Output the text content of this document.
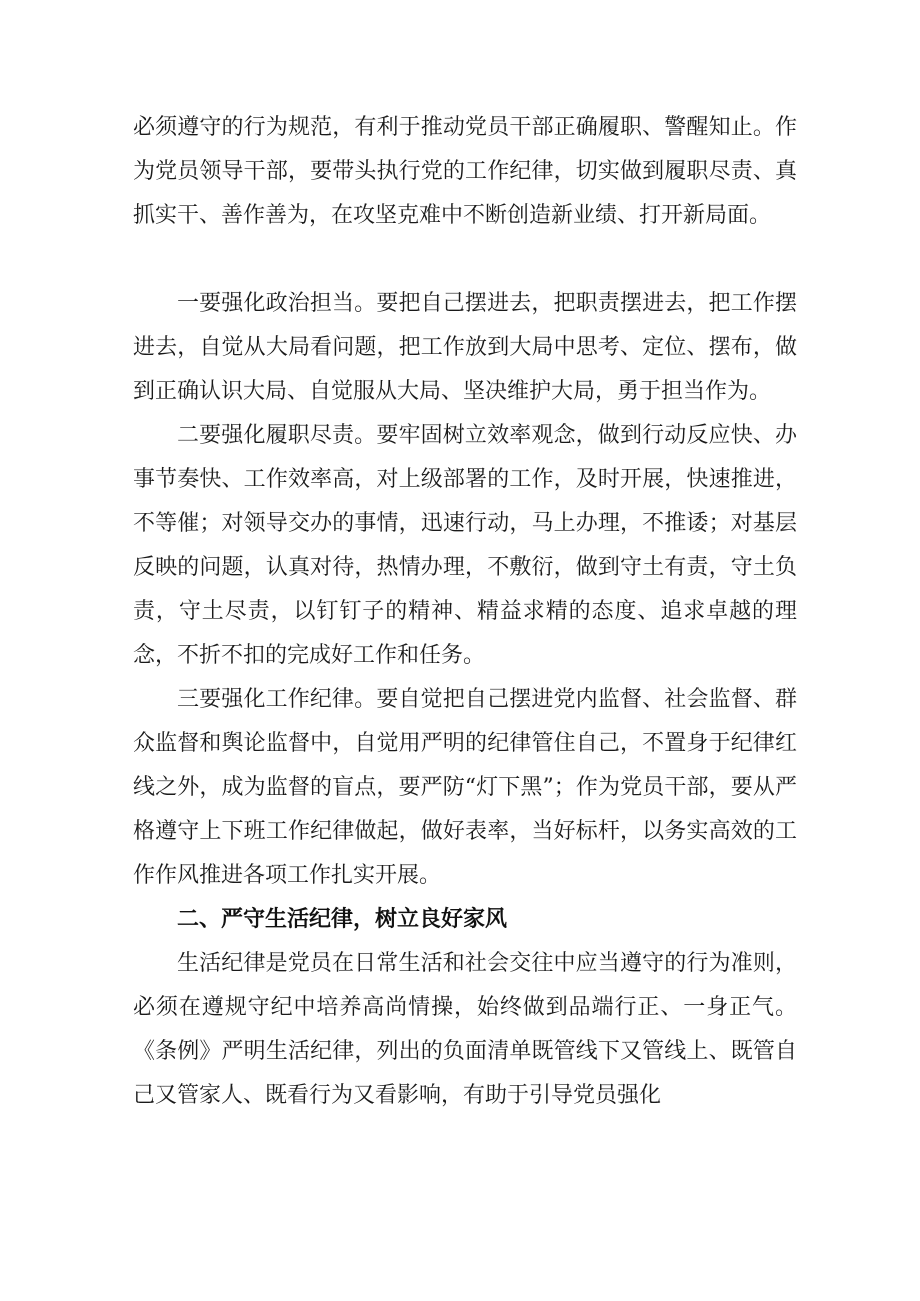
必须遵守的行为规范，有利于推动党员干部正确履职、警醒知止。作为党员领导干部，要带头执行党的工作纪律，切实做到履职尽责、真抓实干、善作善为，在攻坚克难中不断创造新业绩、打开新局面。

一要强化政治担当。要把自己摆进去，把职责摆进去，把工作摆进去，自觉从大局看问题，把工作放到大局中思考、定位、摆布，做到正确认识大局、自觉服从大局、坚决维护大局，勇于担当作为。

二要强化履职尽责。要牢固树立效率观念，做到行动反应快、办事节奏快、工作效率高，对上级部署的工作，及时开展，快速推进，不等催；对领导交办的事情，迅速行动，马上办理，不推诿；对基层反映的问题，认真对待，热情办理，不敷衍，做到守土有责，守土负责，守土尽责，以钉钉子的精神、精益求精的态度、追求卓越的理念，不折不扣的完成好工作和任务。

三要强化工作纪律。要自觉把自己摆进党内监督、社会监督、群众监督和舆论监督中，自觉用严明的纪律管住自己，不置身于纪律红线之外，成为监督的盲点，要严防“灯下黑”；作为党员干部，要从严格遵守上下班工作纪律做起，做好表率，当好标杆，以务实高效的工作作风推进各项工作扎实开展。

二、严守生活纪律，树立良好家风

生活纪律是党员在日常生活和社会交往中应当遵守的行为准则，必须在遵规守纪中培养高尚情操，始终做到品端行正、一身正气。《条例》严明生活纪律，列出的负面清单既管线下又管线上、既管自己又管家人、既看行为又看影响，有助于引导党员强化
